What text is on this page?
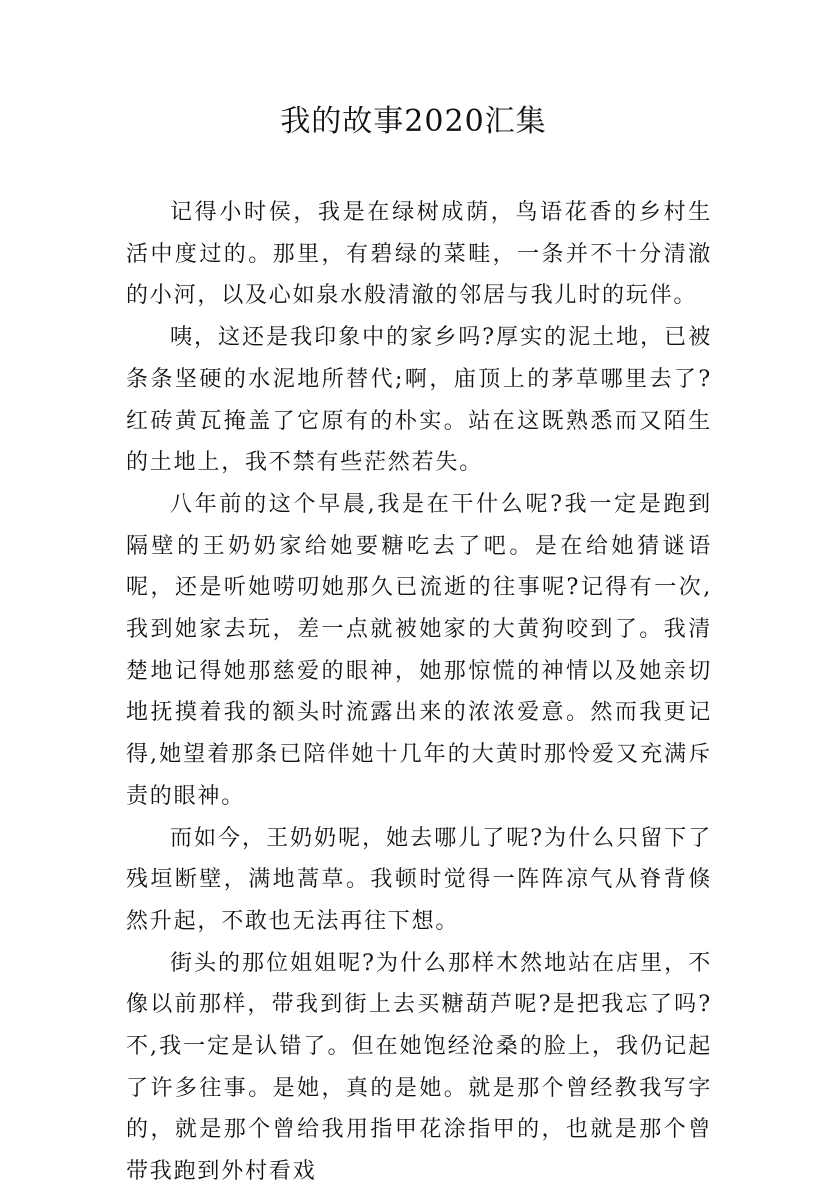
我的故事2020汇集

记得小时侯，我是在绿树成荫，鸟语花香的乡村生活中度过的。那里，有碧绿的菜畦，一条并不十分清澈的小河，以及心如泉水般清澈的邻居与我儿时的玩伴。

咦，这还是我印象中的家乡吗?厚实的泥土地，已被条条坚硬的水泥地所替代;啊，庙顶上的茅草哪里去了?红砖黄瓦掩盖了它原有的朴实。站在这既熟悉而又陌生的土地上，我不禁有些茫然若失。

八年前的这个早晨,我是在干什么呢?我一定是跑到隔壁的王奶奶家给她要糖吃去了吧。是在给她猜谜语呢，还是听她唠叨她那久已流逝的往事呢?记得有一次,我到她家去玩，差一点就被她家的大黄狗咬到了。我清楚地记得她那慈爱的眼神，她那惊慌的神情以及她亲切地抚摸着我的额头时流露出来的浓浓爱意。然而我更记得,她望着那条已陪伴她十几年的大黄时那怜爱又充满斥责的眼神。

而如今，王奶奶呢，她去哪儿了呢?为什么只留下了残垣断壁，满地蒿草。我顿时觉得一阵阵凉气从脊背倏然升起，不敢也无法再往下想。

街头的那位姐姐呢?为什么那样木然地站在店里，不像以前那样，带我到街上去买糖葫芦呢?是把我忘了吗?不,我一定是认错了。但在她饱经沧桑的脸上，我仍记起了许多往事。是她，真的是她。就是那个曾经教我写字的，就是那个曾给我用指甲花涂指甲的，也就是那个曾带我跑到外村看戏
